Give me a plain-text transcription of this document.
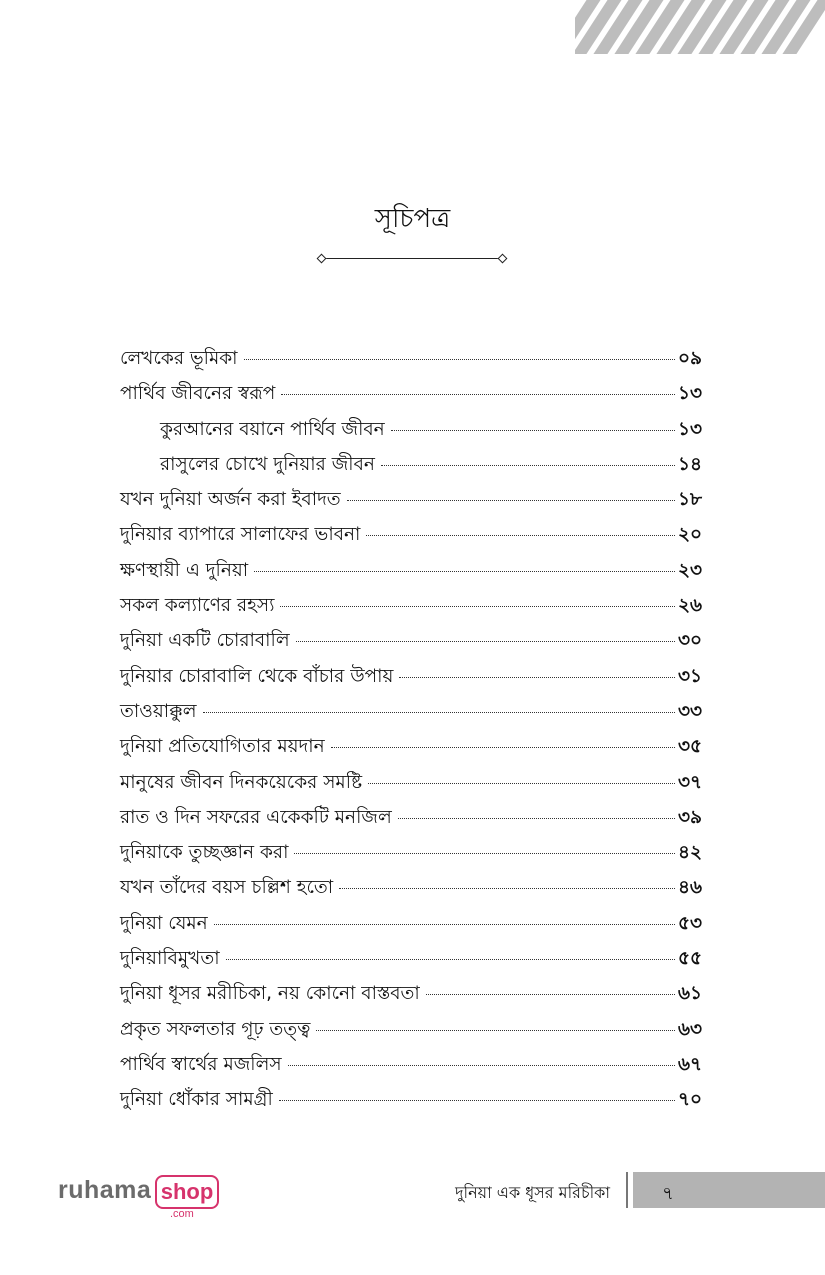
সূচিপত্র
লেখকের ভূমিকা	০৯
পার্থিব জীবনের স্বরূপ	১৩
কুরআনের বয়ানে পার্থিব জীবন	১৩
রাসুলের চোখে দুনিয়ার জীবন	১৪
যখন দুনিয়া অর্জন করা ইবাদত	১৮
দুনিয়ার ব্যাপারে সালাফের ভাবনা	২০
ক্ষণস্থায়ী এ দুনিয়া	২৩
সকল কল্যাণের রহস্য	২৬
দুনিয়া একটি চোরাবালি	৩০
দুনিয়ার চোরাবালি থেকে বাঁচার উপায়	৩১
তাওয়াক্কুল	৩৩
দুনিয়া প্রতিযোগিতার ময়দান	৩৫
মানুষের জীবন দিনকয়েকের সমষ্টি	৩৭
রাত ও দিন সফরের একেকটি মনজিল	৩৯
দুনিয়াকে তুচ্ছজ্ঞান করা	৪২
যখন তাঁদের বয়স চল্লিশ হতো	৪৬
দুনিয়া যেমন	৫৩
দুনিয়াবিমুখতা	৫৫
দুনিয়া ধূসর মরীচিকা, নয় কোনো বাস্তবতা	৬১
প্রকৃত সফলতার গূঢ় তত্ত্ব	৬৩
পার্থিব স্বার্থের মজলিস	৬৭
দুনিয়া ধোঁকার সামগ্রী	৭০
ruhama shop
.com
দুনিয়া এক ধূসর মরিচীকা	৭
